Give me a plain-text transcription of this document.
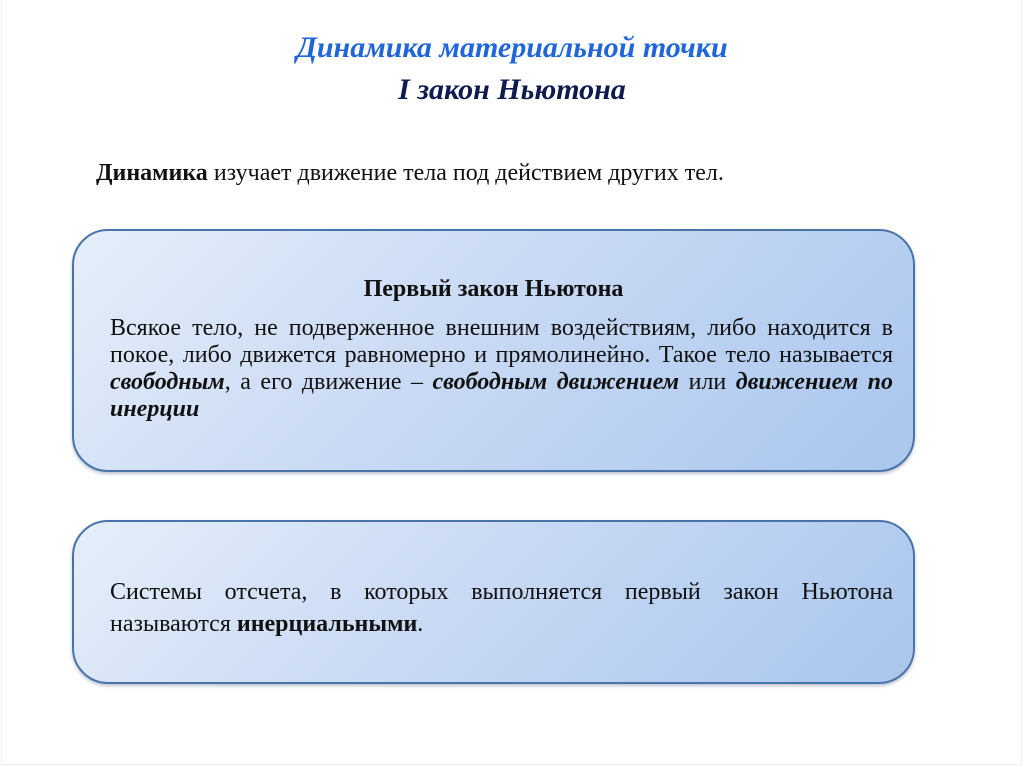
Динамика материальной точки
I закон Ньютона
Динамика изучает движение тела под действием других тел.
Первый закон Ньютона
Всякое тело, не подверженное внешним воздействиям, либо находится в покое, либо движется равномерно и прямолинейно. Такое тело называется свободным, а его движение – свободным движением или движением по инерции
Системы отсчета, в которых выполняется первый закон Ньютона называются инерциальными.
